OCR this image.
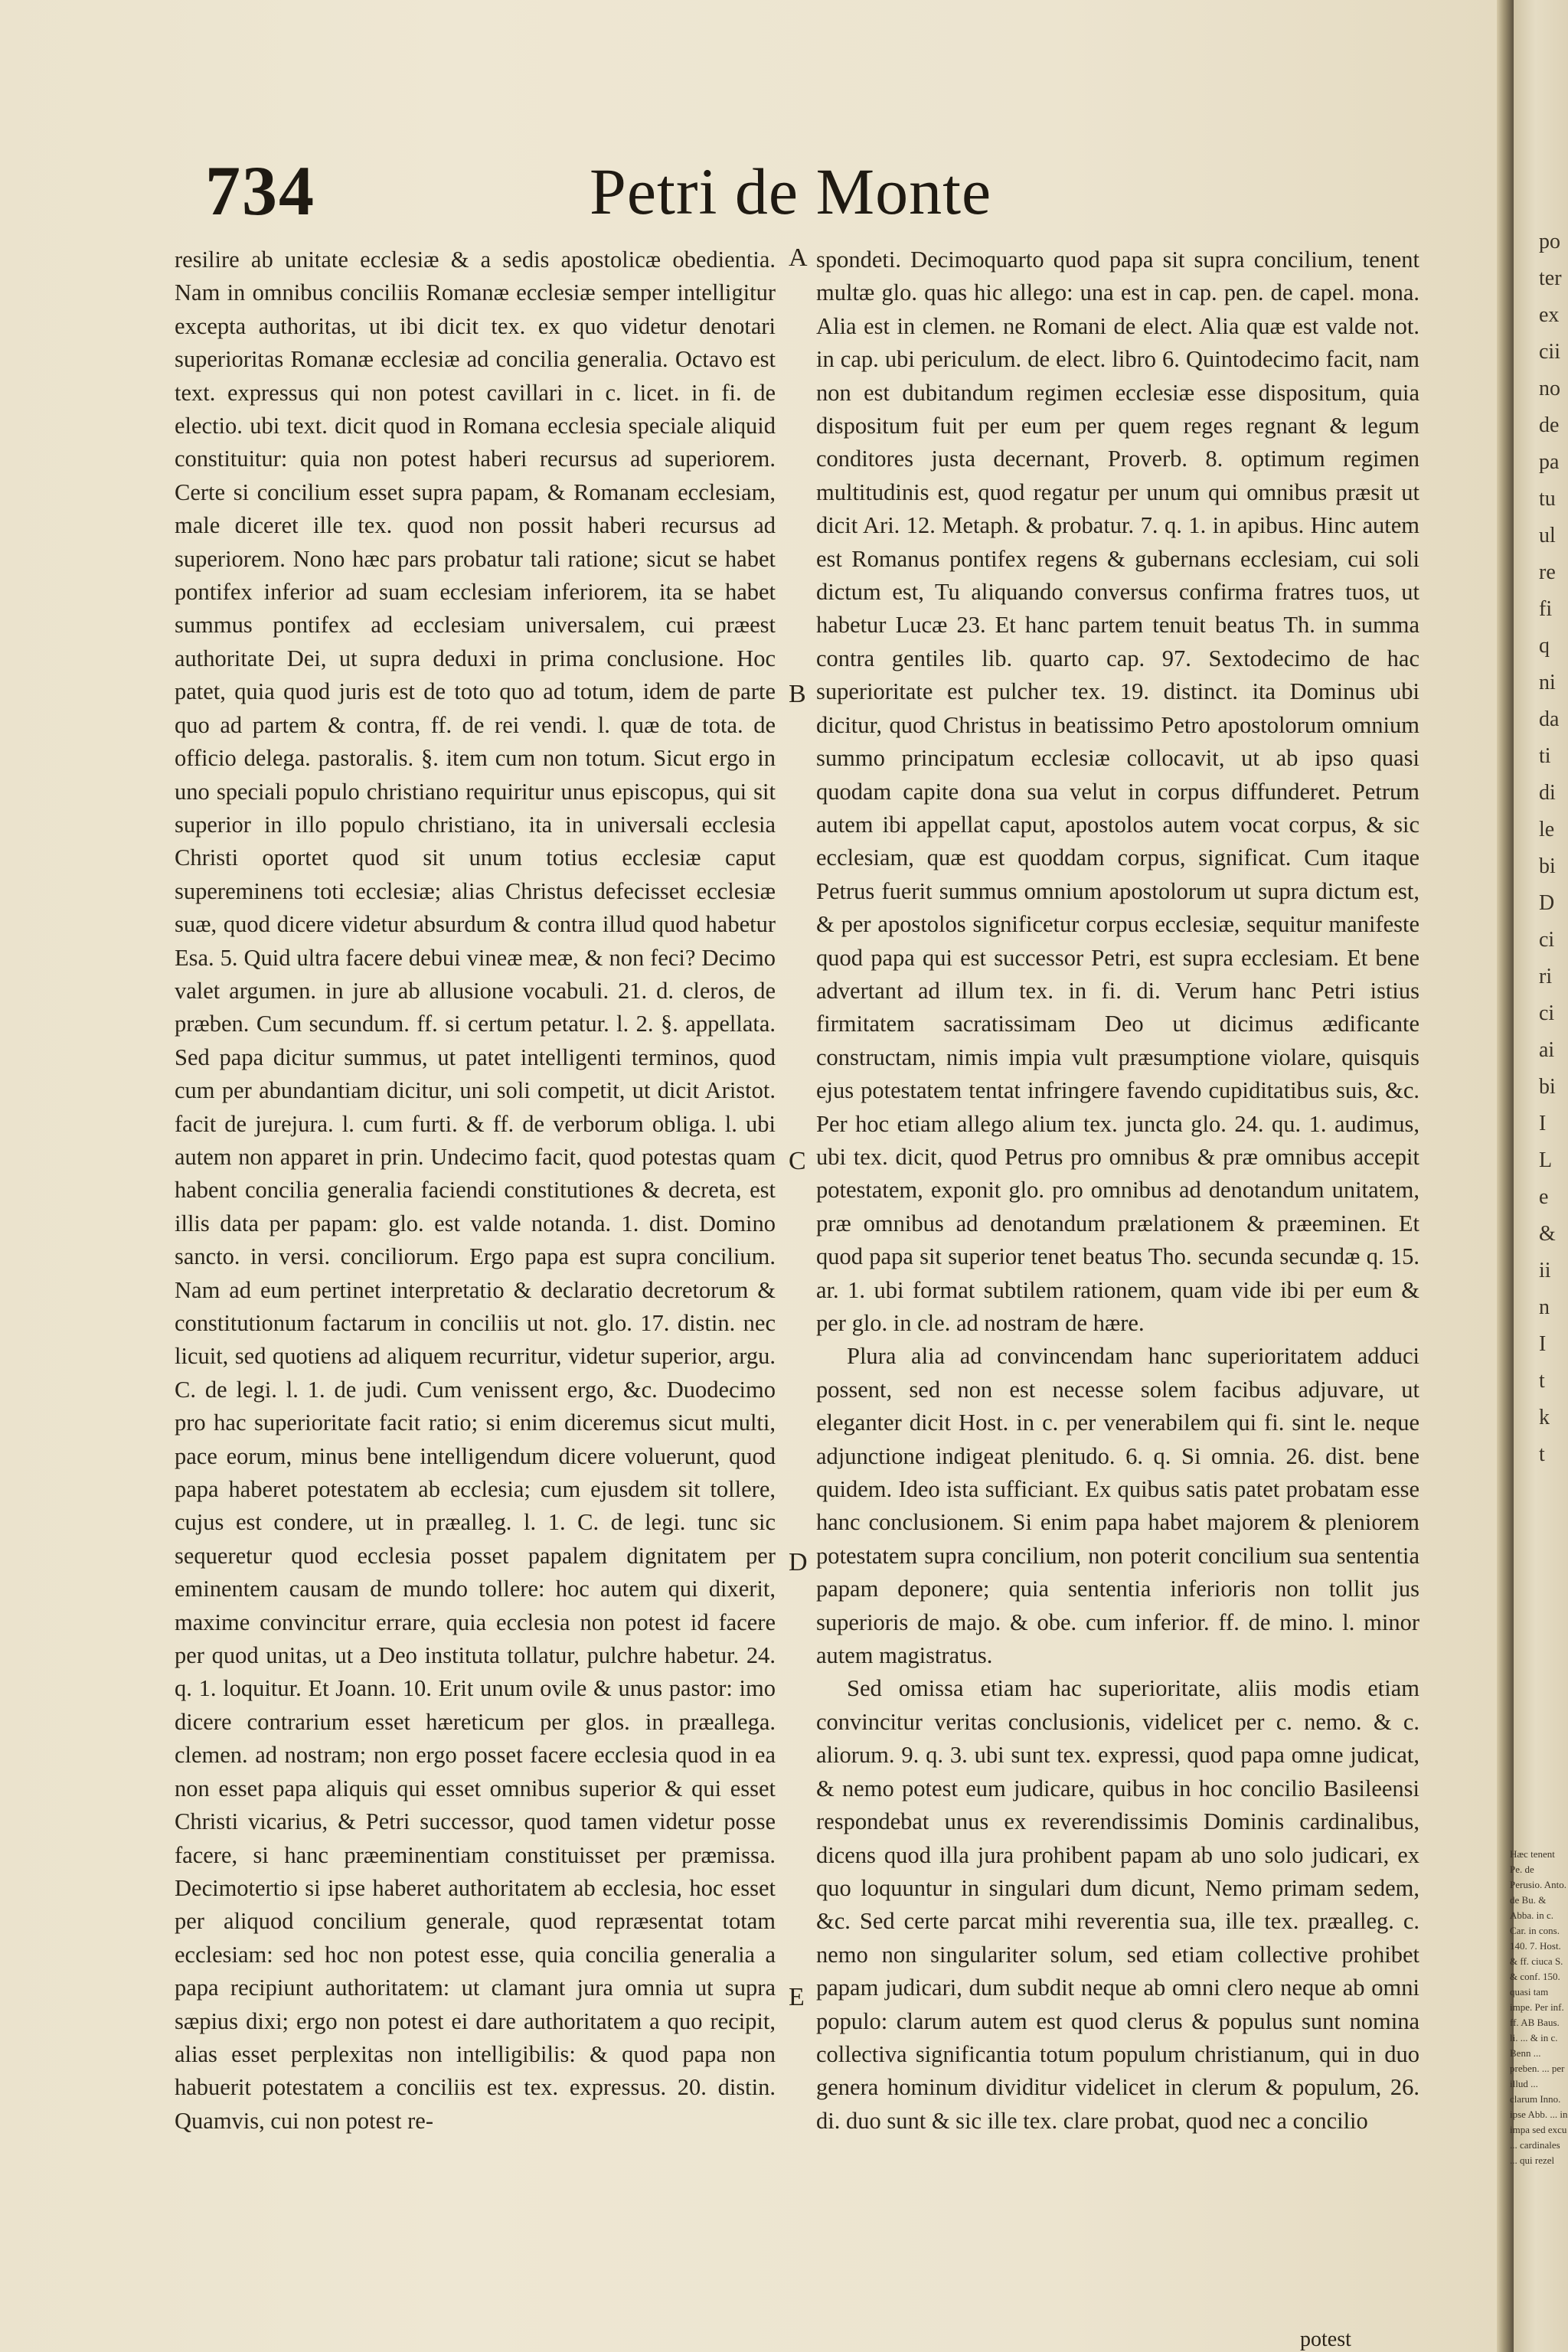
734	Petri de Monte

resilire ab unitate ecclesiæ & a sedis apostolicæ obedientia. Nam in omnibus conciliis Romanæ ecclesiæ semper intelligitur excepta authoritas, ut ibi dicit tex. ex quo videtur denotari superioritas Romanæ ecclesiæ ad concilia generalia. Octavo est text. expressus qui non potest cavillari in c. licet. in fi. de electio. ubi text. dicit quod in Romana ecclesia speciale aliquid constituitur: quia non potest haberi recursus ad superiorem. Certe si concilium esset supra papam, & Romanam ecclesiam, male diceret ille tex. quod non possit haberi recursus ad superiorem. Nono hæc pars probatur tali ratione; sicut se habet pontifex inferior ad suam ecclesiam inferiorem, ita se habet summus pontifex ad ecclesiam universalem, cui præest authoritate Dei, ut supra deduxi in prima conclusione. Hoc patet, quia quod juris est de toto quo ad totum, idem de parte quo ad partem & contra, ff. de rei vendi. l. quæ de tota. de officio delega. pastoralis. §. item cum non totum. Sicut ergo in uno speciali populo christiano requiritur unus episcopus, qui sit superior in illo populo christiano, ita in universali ecclesia Christi oportet quod sit unum totius ecclesiæ caput supereminens toti ecclesiæ; alias Christus defecisset ecclesiæ suæ, quod dicere videtur absurdum & contra illud quod habetur Esa. 5. Quid ultra facere debui vineæ meæ, & non feci? Decimo valet argumen. in jure ab allusione vocabuli. 21. d. cleros, de præben. Cum secundum. ff. si certum petatur. l. 2. §. appellata. Sed papa dicitur summus, ut patet intelligenti terminos, quod cum per abundantiam dicitur, uni soli competit, ut dicit Aristot. facit de jurejura. l. cum furti. & ff. de verborum obliga. l. ubi autem non apparet in prin. Undecimo facit, quod potestas quam habent concilia generalia faciendi constitutiones & decreta, est illis data per papam: glo. est valde notanda. 1. dist. Domino sancto. in versi. conciliorum. Ergo papa est supra concilium. Nam ad eum pertinet interpretatio & declaratio decretorum & constitutionum factarum in conciliis ut not. glo. 17. distin. nec licuit, sed quotiens ad aliquem recurritur, videtur superior, argu. C. de legi. l. 1. de judi. Cum venissent ergo, &c. Duodecimo pro hac superioritate facit ratio; si enim diceremus sicut multi, pace eorum, minus bene intelligendum dicere voluerunt, quod papa haberet potestatem ab ecclesia; cum ejusdem sit tollere, cujus est condere, ut in præalleg. l. 1. C. de legi. tunc sic sequeretur quod ecclesia posset papalem dignitatem per eminentem causam de mundo tollere: hoc autem qui dixerit, maxime convincitur errare, quia ecclesia non potest id facere per quod unitas, ut a Deo instituta tollatur, pulchre habetur. 24. q. 1. loquitur. Et Joann. 10. Erit unum ovile & unus pastor: imo dicere contrarium esset hæreticum per glos. in præallega. clemen. ad nostram; non ergo posset facere ecclesia quod in ea non esset papa aliquis qui esset omnibus superior & qui esset Christi vicarius, & Petri successor, quod tamen videtur posse facere, si hanc præeminentiam constituisset per præmissa. Decimotertio si ipse haberet authoritatem ab ecclesia, hoc esset per aliquod concilium generale, quod repræsentat totam ecclesiam: sed hoc non potest esse, quia concilia generalia a papa recipiunt authoritatem: ut clamant jura omnia ut supra sæpius dixi; ergo non potest ei dare authoritatem a quo recipit, alias esset perplexitas non intelligibilis: & quod papa non habuerit potestatem a conciliis est tex. expressus. 20. distin. Quamvis, cui non potest re-

spondeti. Decimoquarto quod papa sit supra concilium, tenent multæ glo. quas hic allego: una est in cap. pen. de capel. mona. Alia est in clemen. ne Romani de elect. Alia quæ est valde not. in cap. ubi periculum. de elect. libro 6. Quintodecimo facit, nam non est dubitandum regimen ecclesiæ esse dispositum, quia dispositum fuit per eum per quem reges regnant & legum conditores justa decernant, Proverb. 8. optimum regimen multitudinis est, quod regatur per unum qui omnibus præsit ut dicit Ari. 12. Metaph. & probatur. 7. q. 1. in apibus. Hinc autem est Romanus pontifex regens & gubernans ecclesiam, cui soli dictum est, Tu aliquando conversus confirma fratres tuos, ut habetur Lucæ 23. Et hanc partem tenuit beatus Th. in summa contra gentiles lib. quarto cap. 97. Sextodecimo de hac superioritate est pulcher tex. 19. distinct. ita Dominus ubi dicitur, quod Christus in beatissimo Petro apostolorum omnium summo principatum ecclesiæ collocavit, ut ab ipso quasi quodam capite dona sua velut in corpus diffunderet. Petrum autem ibi appellat caput, apostolos autem vocat corpus, & sic ecclesiam, quæ est quoddam corpus, significat. Cum itaque Petrus fuerit summus omnium apostolorum ut supra dictum est, & per apostolos significetur corpus ecclesiæ, sequitur manifeste quod papa qui est successor Petri, est supra ecclesiam. Et bene advertant ad illum tex. in fi. di. Verum hanc Petri istius firmitatem sacratissimam Deo ut dicimus ædificante constructam, nimis impia vult præsumptione violare, quisquis ejus potestatem tentat infringere favendo cupiditatibus suis, &c. Per hoc etiam allego alium tex. juncta glo. 24. qu. 1. audimus, ubi tex. dicit, quod Petrus pro omnibus & præ omnibus accepit potestatem, exponit glo. pro omnibus ad denotandum unitatem, præ omnibus ad denotandum prælationem & præeminen. Et quod papa sit superior tenet beatus Tho. secunda secundæ q. 15. ar. 1. ubi format subtilem rationem, quam vide ibi per eum & per glo. in cle. ad nostram de hære.

Plura alia ad convincendam hanc superioritatem adduci possent, sed non est necesse solem facibus adjuvare, ut eleganter dicit Host. in c. per venerabilem qui fi. sint le. neque adjunctione indigeat plenitudo. 6. q. Si omnia. 26. dist. bene quidem. Ideo ista sufficiant. Ex quibus satis patet probatam esse hanc conclusionem. Si enim papa habet majorem & pleniorem potestatem supra concilium, non poterit concilium sua sententia papam deponere; quia sententia inferioris non tollit jus superioris de majo. & obe. cum inferior. ff. de mino. l. minor autem magistratus.

Sed omissa etiam hac superioritate, aliis modis etiam convincitur veritas conclusionis, videlicet per c. nemo. & c. aliorum. 9. q. 3. ubi sunt tex. expressi, quod papa omne judicat, & nemo potest eum judicare, quibus in hoc concilio Basileensi respondebat unus ex reverendissimis Dominis cardinalibus, dicens quod illa jura prohibent papam ab uno solo judicari, ex quo loquuntur in singulari dum dicunt, Nemo primam sedem, &c. Sed certe parcat mihi reverentia sua, ille tex. præalleg. c. nemo non singulariter solum, sed etiam collective prohibet papam judicari, dum subdit neque ab omni clero neque ab omni populo: clarum autem est quod clerus & populus sunt nomina collectiva significantia totum populum christianum, qui in duo genera hominum dividitur videlicet in clerum & populum, 26. di. duo sunt & sic ille tex. clare probat, quod nec a concilio

A
B
C
D
E
potest
Hæc tenent Pe. de Perusio. Anto. de Bu. & Abba. in c. Car. in cons. 140. 7. Host. & ff. ciuca S. & conf. 150. quasi tam impe. Per inf. ff. AB Baus. li. ... & in c. Benn ... preben. ... per illud ... clarum Inno. ipse Abb. ... in impa sed excu ... cardinales ... qui rezel
po
ter
ex
cii
no
de
pa
tu
ul
re
fi
q
ni
da
ti
di
le
bi
D
ci
ri
ci
ai
bi
I
L
e
&
ii
n
I
t
k
t
